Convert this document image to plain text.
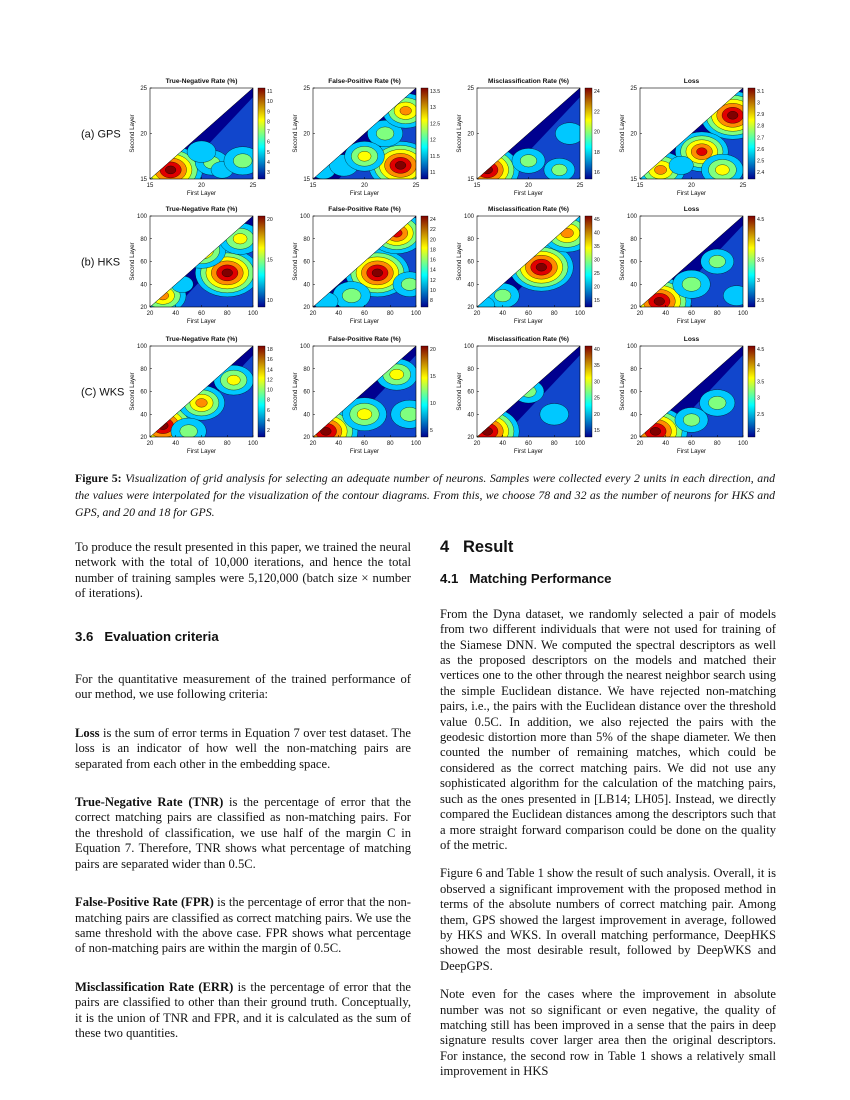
(a) GPS
(b) HKS
(C) WKS
True-Negative Rate (%)
15	20	25
15
20
25
First Layer
Second Layer
11
10
9
8
7
6
5
4
3
False-Positive Rate (%)
15	20	25
15
20
25
First Layer
Second Layer
13.5
13
12.5
12
11.5
11
Misclassification Rate (%)
15	20	25
15
20
25
First Layer
Second Layer
24
22
20
18
16
Loss
15	20	25
15
20
25
First Layer
Second Layer
3.1
3
2.9
2.8
2.7
2.6
2.5
2.4
True-Negative Rate (%)
20	40	60	80	100
20
40
60
80
100
First Layer
Second Layer
20
15
10
False-Positive Rate (%)
20	40	60	80	100
20
40
60
80
100
First Layer
Second Layer
24
22
20
18
16
14
12
10
8
Misclassification Rate (%)
20	40	60	80	100
20
40
60
80
100
First Layer
Second Layer
45
40
35
30
25
20
15
Loss
20	40	60	80	100
20
40
60
80
100
First Layer
Second Layer
4.5
4
3.5
3
2.5
True-Negative Rate (%)
20	40	60	80	100
20
40
60
80
100
First Layer
Second Layer
18
16
14
12
10
8
6
4
2
False-Positive Rate (%)
20	40	60	80	100
20
40
60
80
100
First Layer
Second Layer
20
15
10
5
Misclassification Rate (%)
20	40	60	80	100
20
40
60
80
100
First Layer
Second Layer
40
35
30
25
20
15
Loss
20	40	60	80	100
20
40
60
80
100
First Layer
Second Layer
4.5
4
3.5
3
2.5
2
Figure 5: Visualization of grid analysis for selecting an adequate number of neurons. Samples were collected every 2 units in each direction, and the values were interpolated for the visualization of the contour diagrams. From this, we choose 78 and 32 as the number of neurons for HKS and GPS, and 20 and 18 for GPS.

To produce the result presented in this paper, we trained the neural network with the total of 10,000 iterations, and hence the total number of training samples were 5,120,000 (batch size × number of iterations).

3.6 Evaluation criteria

For the quantitative measurement of the trained performance of our method, we use following criteria:

Loss is the sum of error terms in Equation 7 over test dataset. The loss is an indicator of how well the non-matching pairs are separated from each other in the embedding space.

True-Negative Rate (TNR) is the percentage of error that the correct matching pairs are classified as non-matching pairs. For the threshold of classification, we use half of the margin C in Equation 7. Therefore, TNR shows what percentage of matching pairs are separated wider than 0.5C.

False-Positive Rate (FPR) is the percentage of error that the non-matching pairs are classified as correct matching pairs. We use the same threshold with the above case. FPR shows what percentage of non-matching pairs are within the margin of 0.5C.

Misclassification Rate (ERR) is the percentage of error that the pairs are classified to other than their ground truth. Conceptually, it is the union of TNR and FPR, and it is calculated as the sum of these two quantities.

4 Result
4.1 Matching Performance

From the Dyna dataset, we randomly selected a pair of models from two different individuals that were not used for training of the Siamese DNN. We computed the spectral descriptors as well as the proposed descriptors on the models and matched their vertices one to the other through the nearest neighbor search using the simple Euclidean distance. We have rejected non-matching pairs, i.e., the pairs with the Euclidean distance over the threshold value 0.5C. In addition, we also rejected the pairs with the geodesic distortion more than 5% of the shape diameter. We then counted the number of remaining matches, which could be considered as the correct matching pairs. We did not use any sophisticated algorithm for the calculation of the matching pairs, such as the ones presented in [LB14; LH05]. Instead, we directly compared the Euclidean distances among the descriptors such that a more straight forward comparison could be done on the quality of the metric.

Figure 6 and Table 1 show the result of such analysis. Overall, it is observed a significant improvement with the proposed method in terms of the absolute numbers of correct matching pair. Among them, GPS showed the largest improvement in average, followed by HKS and WKS. In overall matching performance, DeepHKS showed the most desirable result, followed by DeepWKS and DeepGPS.

Note even for the cases where the improvement in absolute number was not so significant or even negative, the quality of matching still has been improved in a sense that the pairs in deep signature results cover larger area then the original descriptors. For instance, the second row in Table 1 shows a relatively small improvement in HKS
